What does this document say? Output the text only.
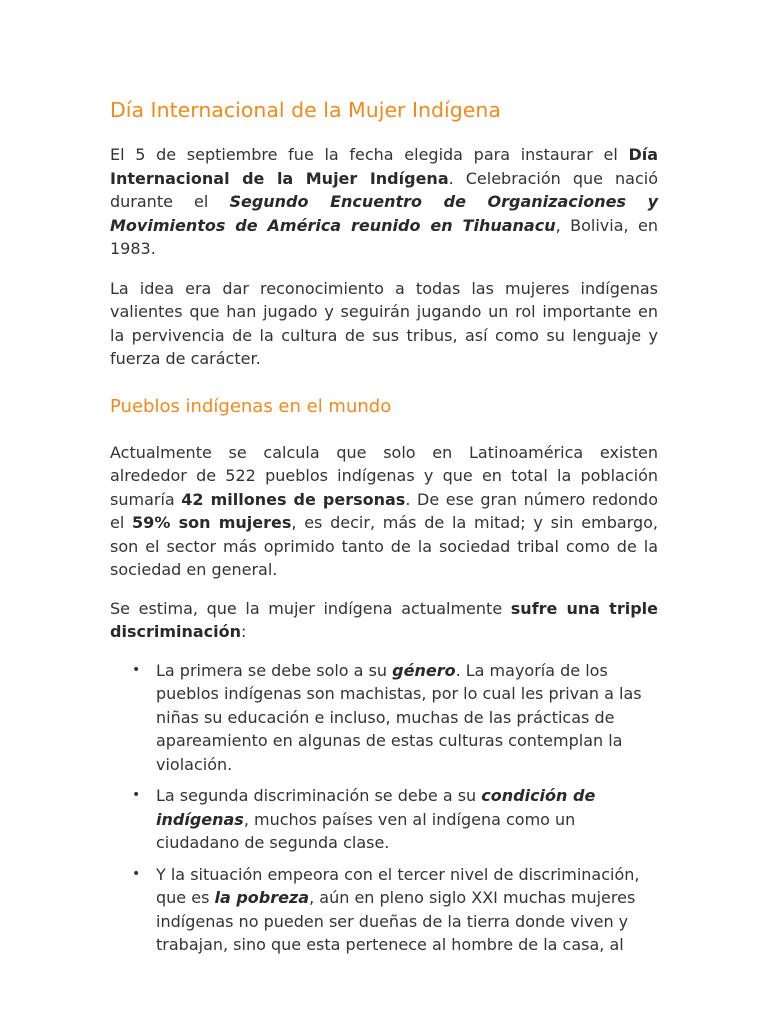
Día Internacional de la Mujer Indígena

El 5 de septiembre fue la fecha elegida para instaurar el Día Internacional de la Mujer Indígena. Celebración que nació durante el Segundo Encuentro de Organizaciones y Movimientos de América reunido en Tihuanacu, Bolivia, en 1983.

La idea era dar reconocimiento a todas las mujeres indígenas valientes que han jugado y seguirán jugando un rol importante en la pervivencia de la cultura de sus tribus, así como su lenguaje y fuerza de carácter.

Pueblos indígenas en el mundo

Actualmente se calcula que solo en Latinoamérica existen alrededor de 522 pueblos indígenas y que en total la población sumaría 42 millones de personas. De ese gran número redondo el 59% son mujeres, es decir, más de la mitad; y sin embargo, son el sector más oprimido tanto de la sociedad tribal como de la sociedad en general.

Se estima, que la mujer indígena actualmente sufre una triple discriminación:

• La primera se debe solo a su género. La mayoría de los pueblos indígenas son machistas, por lo cual les privan a las niñas su educación e incluso, muchas de las prácticas de apareamiento en algunas de estas culturas contemplan la violación.
• La segunda discriminación se debe a su condición de indígenas, muchos países ven al indígena como un ciudadano de segunda clase.
• Y la situación empeora con el tercer nivel de discriminación, que es la pobreza, aún en pleno siglo XXI muchas mujeres indígenas no pueden ser dueñas de la tierra donde viven y trabajan, sino que esta pertenece al hombre de la casa, al
